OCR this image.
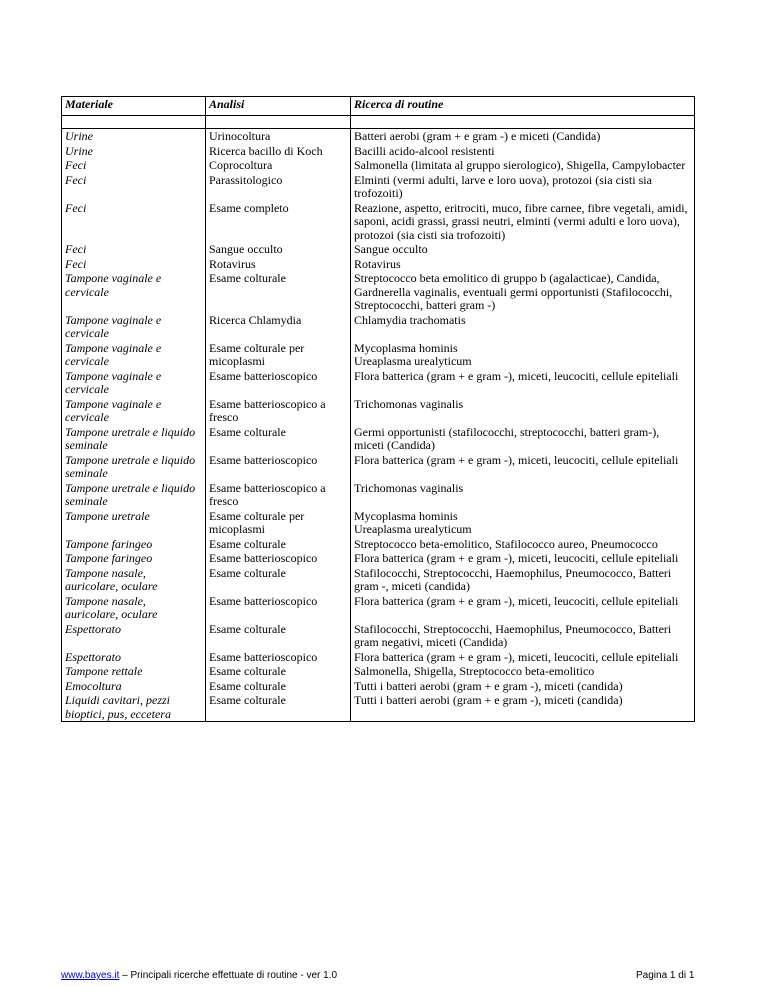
Materiale	Analisi	Ricerca di routine

Urine	Urinocoltura	Batteri aerobi (gram + e gram -) e miceti (Candida)
Urine	Ricerca bacillo di Koch	Bacilli acido-alcool resistenti
Feci	Coprocoltura	Salmonella (limitata al gruppo sierologico), Shigella, Campylobacter
Feci	Parassitologico	Elminti (vermi adulti, larve e loro uova), protozoi (sia cisti sia trofozoiti)
Feci	Esame completo	Reazione, aspetto, eritrociti, muco, fibre carnee, fibre vegetali, amidi, saponi, acidi grassi, grassi neutri, elminti (vermi adulti e loro uova), protozoi (sia cisti sia trofozoiti)
Feci	Sangue occulto	Sangue occulto
Feci	Rotavirus	Rotavirus
Tampone vaginale e cervicale	Esame colturale	Streptococco beta emolitico di gruppo b (agalacticae), Candida, Gardnerella vaginalis, eventuali germi opportunisti (Stafilococchi, Streptococchi, batteri gram -)
Tampone vaginale e cervicale	Ricerca Chlamydia	Chlamydia trachomatis
Tampone vaginale e cervicale	Esame colturale per micoplasmi	Mycoplasma hominis
Ureaplasma urealyticum
Tampone vaginale e cervicale	Esame batterioscopico	Flora batterica (gram + e gram -), miceti, leucociti, cellule epiteliali
Tampone vaginale e cervicale	Esame batterioscopico a fresco	Trichomonas vaginalis
Tampone uretrale e liquido seminale	Esame colturale	Germi opportunisti (stafilococchi, streptococchi, batteri gram-), miceti (Candida)
Tampone uretrale e liquido seminale	Esame batterioscopico	Flora batterica (gram + e gram -), miceti, leucociti, cellule epiteliali
Tampone uretrale e liquido seminale	Esame batterioscopico a fresco	Trichomonas vaginalis
Tampone uretrale	Esame colturale per micoplasmi	Mycoplasma hominis
Ureaplasma urealyticum
Tampone faringeo	Esame colturale	Streptococco beta-emolitico, Stafilococco aureo, Pneumococco
Tampone faringeo	Esame batterioscopico	Flora batterica (gram + e gram -), miceti, leucociti, cellule epiteliali
Tampone nasale, auricolare, oculare	Esame colturale	Stafilococchi, Streptococchi, Haemophilus, Pneumococco, Batteri gram -, miceti (candida)
Tampone nasale, auricolare, oculare	Esame batterioscopico	Flora batterica (gram + e gram -), miceti, leucociti, cellule epiteliali
Espettorato	Esame colturale	Stafilococchi, Streptococchi, Haemophilus, Pneumococco, Batteri gram negativi, miceti (Candida)
Espettorato	Esame batterioscopico	Flora batterica (gram + e gram -), miceti, leucociti, cellule epiteliali
Tampone rettale	Esame colturale	Salmonella, Shigella, Streptococco beta-emolitico
Emocoltura	Esame colturale	Tutti i batteri aerobi (gram + e gram -), miceti (candida)
Liquidi cavitari, pezzi bioptici, pus, eccetera	Esame colturale	Tutti i batteri aerobi (gram + e gram -), miceti (candida)
www.bayes.it – Principali ricerche effettuate di routine - ver 1.0	Pagina 1 di 1
